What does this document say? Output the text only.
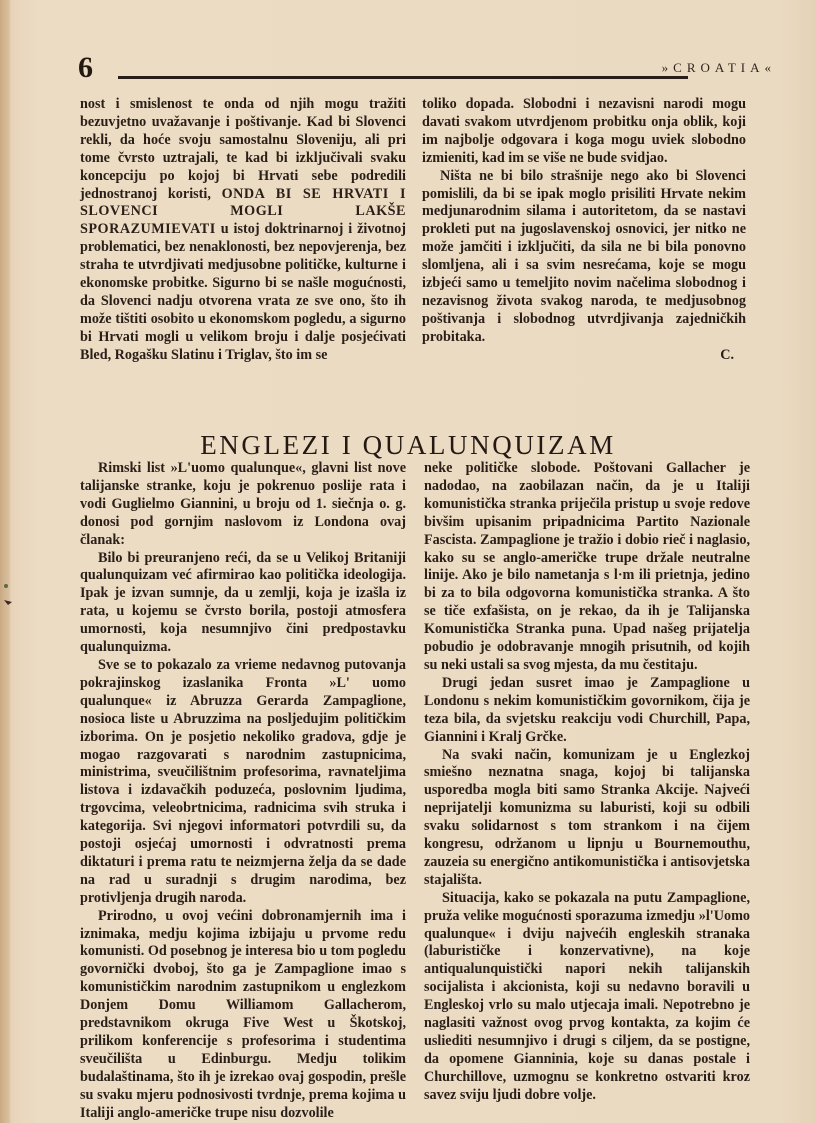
6	»CROATIA«

nost i smislenost te onda od njih mogu tražiti bezuvjetno uvažavanje i poštivanje. Kad bi Slovenci rekli, da hoće svoju samostalnu Sloveniju, ali pri tome čvrsto uztrajali, te kad bi izključivali svaku koncepciju po kojoj bi Hrvati sebe podredili jednostranoj koristi, ONDA BI SE HRVATI I SLOVENCI MOGLI LAKŠE SPORAZUMIEVATI u istoj doktrinarnoj i životnoj problematici, bez nenaklonosti, bez nepovjerenja, bez straha te utvrdjivati medjusobne političke, kulturne i ekonomske probitke. Sigurno bi se našle mogućnosti, da Slovenci nadju otvorena vrata ze sve ono, što ih može tištiti osobito u ekonomskom pogledu, a sigurno bi Hrvati mogli u velikom broju i dalje posjećivati Bled, Rogašku Slatinu i Triglav, što im se

toliko dopada. Slobodni i nezavisni narodi mogu davati svakom utvrdjenom probitku onja oblik, koji im najbolje odgovara i koga mogu uviek slobodno izmieniti, kad im se više ne bude svidjao.

Ništa ne bi bilo strašnije nego ako bi Slovenci pomislili, da bi se ipak moglo prisiliti Hrvate nekim medjunarodnim silama i autoritetom, da se nastavi prokleti put na jugoslavenskoj osnovici, jer nitko ne može jamčiti i izključiti, da sila ne bi bila ponovno slomljena, ali i sa svim nesrećama, koje se mogu izbjeći samo u temeljito novim načelima slobodnog i nezavisnog života svakog naroda, te medjusobnog poštivanja i slobodnog utvrdjivanja zajedničkih probitaka.

C.

ENGLEZI I QUALUNQUIZAM

Rimski list »L'uomo qualunque«, glavni list nove talijanske stranke, koju je pokrenuo poslije rata i vodi Guglielmo Giannini, u broju od 1. siečnja o. g. donosi pod gornjim naslovom iz Londona ovaj članak:

Bilo bi preuranjeno reći, da se u Velikoj Britaniji qualunquizam već afirmirao kao politička ideologija. Ipak je izvan sumnje, da u zemlji, koja je izašla iz rata, u kojemu se čvrsto borila, postoji atmosfera umornosti, koja nesumnjivo čini predpostavku qualunquizma.

Sve se to pokazalo za vrieme nedavnog putovanja pokrajinskog izaslanika Fronta »L' uomo qualunque« iz Abruzza Gerarda Zampaglione, nosioca liste u Abruzzima na posljedujim političkim izborima. On je posjetio nekoliko gradova, gdje je mogao razgovarati s narodnim zastupnicima, ministrima, sveučilištnim profesorima, ravnateljima listova i izdavačkih poduzeća, poslovnim ljudima, trgovcima, veleobrtnicima, radnicima svih struka i kategorija. Svi njegovi informatori potvrdili su, da postoji osjećaj umornosti i odvratnosti prema diktaturi i prema ratu te neizmjerna želja da se dade na rad u suradnji s drugim narodima, bez protivljenja drugih naroda.

Prirodno, u ovoj većini dobronamjernih ima i iznimaka, medju kojima izbijaju u prvome redu komunisti. Od posebnog je interesa bio u tom pogledu govornički dvoboj, što ga je Zampaglione imao s komunističkim narodnim zastupnikom u englezkom Donjem Domu Williamom Gallacherom, predstavnikom okruga Five West u Škotskoj, prilikom konferencije s profesorima i studentima sveučilišta u Edinburgu. Medju tolikim budalaštinama, što ih je izrekao ovaj gospodin, prešle su svaku mjeru podnosivosti tvrdnje, prema kojima u Italiji anglo-američke trupe nisu dozvolile

neke političke slobode. Poštovani Gallacher je nadodao, na zaobilazan način, da je u Italiji komunistička stranka priječila pristup u svoje redove bivšim upisanim pripadnicima Partito Nazionale Fascista. Zampaglione je tražio i dobio rieč i naglasio, kako su se anglo-američke trupe držale neutralne linije. Ako je bilo nametanja s l·m ili prietnja, jedino bi za to bila odgovorna komunistička stranka. A što se tiče exfašista, on je rekao, da ih je Talijanska Komunistička Stranka puna. Upad našeg prijatelja pobudio je odobravanje mnogih prisutnih, od kojih su neki ustali sa svog mjesta, da mu čestitaju.

Drugi jedan susret imao je Zampaglione u Londonu s nekim komunističkim govornikom, čija je teza bila, da svjetsku reakciju vodi Churchill, Papa, Giannini i Kralj Grčke.

Na svaki način, komunizam je u Englezkoj smiešno neznatna snaga, kojoj bi talijanska usporedba mogla biti samo Stranka Akcije. Najveći neprijatelji komunizma su laburisti, koji su odbili svaku solidarnost s tom strankom i na čijem kongresu, održanom u lipnju u Bournemouthu, zauzeia su energično antikomunistička i antisovjetska stajališta.

Situacija, kako se pokazala na putu Zampaglione, pruža velike mogućnosti sporazuma izmedju »l'Uomo qualunque« i dviju najvećih engleskih stranaka (laburističke i konzervativne), na koje antiqualunquistički napori nekih talijanskih socijalista i akcionista, koji su nedavno boravili u Engleskoj vrlo su malo utjecaja imali. Nepotrebno je naglasiti važnost ovog prvog kontakta, za kojim će usliediti nesumnjivo i drugi s ciljem, da se postigne, da opomene Gianninia, koje su danas postale i Churchillove, uzmognu se konkretno ostvariti kroz savez sviju ljudi dobre volje.
